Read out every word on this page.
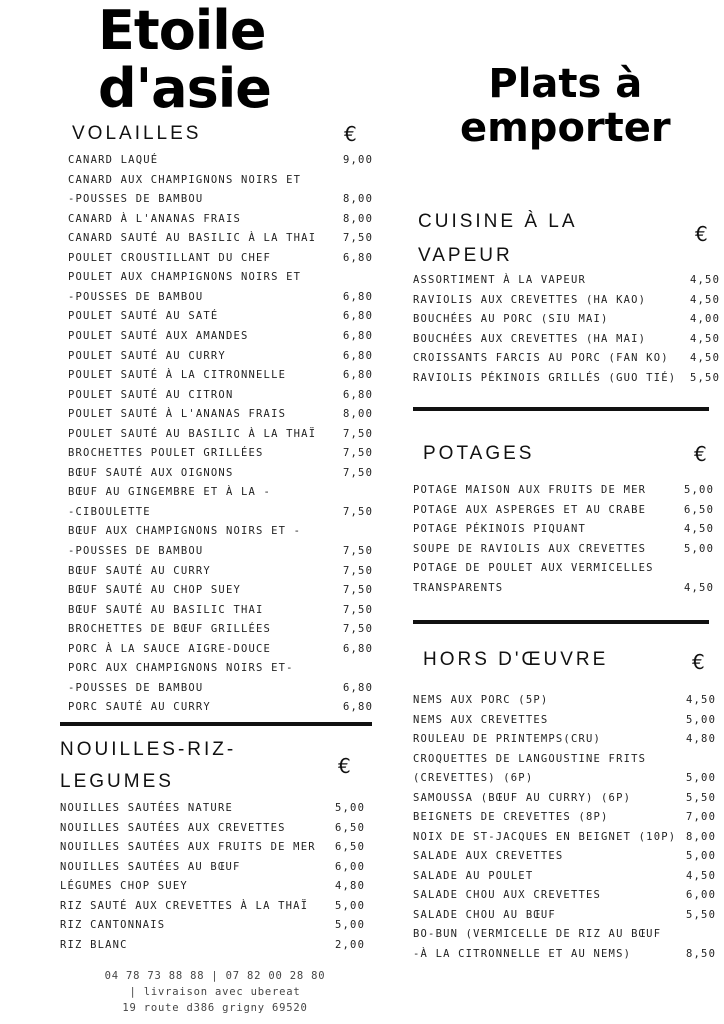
Etoile
d'asie	Plats à
emporter
VOLAILLES	€
CANARD LAQUÉ	9,00
CANARD AUX CHAMPIGNONS NOIRS ET
-POUSSES DE BAMBOU	8,00
CANARD À L'ANANAS FRAIS	8,00
CANARD SAUTÉ AU BASILIC À LA THAI	7,50
POULET CROUSTILLANT DU CHEF	6,80
POULET AUX CHAMPIGNONS NOIRS ET
-POUSSES DE BAMBOU	6,80
POULET SAUTÉ AU SATÉ	6,80
POULET SAUTÉ AUX AMANDES	6,80
POULET SAUTÉ AU CURRY	6,80
POULET SAUTÉ À LA CITRONNELLE	6,80
POULET SAUTÉ AU CITRON	6,80
POULET SAUTÉ À L'ANANAS FRAIS	8,00
POULET SAUTÉ AU BASILIC À LA THAÏ	7,50
BROCHETTES POULET GRILLÉES	7,50
BŒUF SAUTÉ AUX OIGNONS	7,50
BŒUF AU GINGEMBRE ET À LA -
-CIBOULETTE	7,50
BŒUF AUX CHAMPIGNONS NOIRS ET -
-POUSSES DE BAMBOU	7,50
BŒUF SAUTÉ AU CURRY	7,50
BŒUF SAUTÉ AU CHOP SUEY	7,50
BŒUF SAUTÉ AU BASILIC THAI	7,50
BROCHETTES DE BŒUF GRILLÉES	7,50
PORC À LA SAUCE AIGRE-DOUCE	6,80
PORC AUX CHAMPIGNONS NOIRS ET-
-POUSSES DE BAMBOU	6,80
PORC SAUTÉ AU CURRY	6,80
NOUILLES-RIZ-
LEGUMES
€
NOUILLES SAUTÉES NATURE	5,00
NOUILLES SAUTÉES AUX CREVETTES	6,50
NOUILLES SAUTÉES AUX FRUITS DE MER 6,50
NOUILLES SAUTÉES AU BŒUF	6,00
LÉGUMES CHOP SUEY	4,80
RIZ SAUTÉ AUX CREVETTES À LA THAÏ	5,00
RIZ CANTONNAIS	5,00
RIZ BLANC	2,00
CUISINE À LA
VAPEUR
€
ASSORTIMENT À LA VAPEUR	4,50
RAVIOLIS AUX CREVETTES (HA KAO)	4,50
BOUCHÉES AU PORC (SIU MAI)	4,00
BOUCHÉES AUX CREVETTES (HA MAI)	4,50
CROISSANTS FARCIS AU PORC (FAN KO) 4,50
RAVIOLIS PÉKINOIS GRILLÉS (GUO TIÉ) 5,50
POTAGES	€
POTAGE MAISON AUX FRUITS DE MER	5,00
POTAGE AUX ASPERGES ET AU CRABE	6,50
POTAGE PÉKINOIS PIQUANT	4,50
SOUPE DE RAVIOLIS AUX CREVETTES	5,00
POTAGE DE POULET AUX VERMICELLES
TRANSPARENTS	4,50
HORS D'ŒUVRE	€
NEMS AUX PORC (5P)	4,50
NEMS AUX CREVETTES	5,00
ROULEAU DE PRINTEMPS(CRU)	4,80
CROQUETTES DE LANGOUSTINE FRITS
(CREVETTES) (6P)	5,00
SAMOUSSA (BŒUF AU CURRY) (6P)	5,50
BEIGNETS DE CREVETTES (8P)	7,00
NOIX DE ST-JACQUES EN BEIGNET (10P) 8,00
SALADE AUX CREVETTES	5,00
SALADE AU POULET	4,50
SALADE CHOU AUX CREVETTES	6,00
SALADE CHOU AU BŒUF	5,50
BO-BUN (VERMICELLE DE RIZ AU BŒUF
-À LA CITRONNELLE ET AU NEMS)	8,50
04 78 73 88 88 | 07 82 00 28 80
| livraison avec ubereat
19 route d386 grigny 69520
